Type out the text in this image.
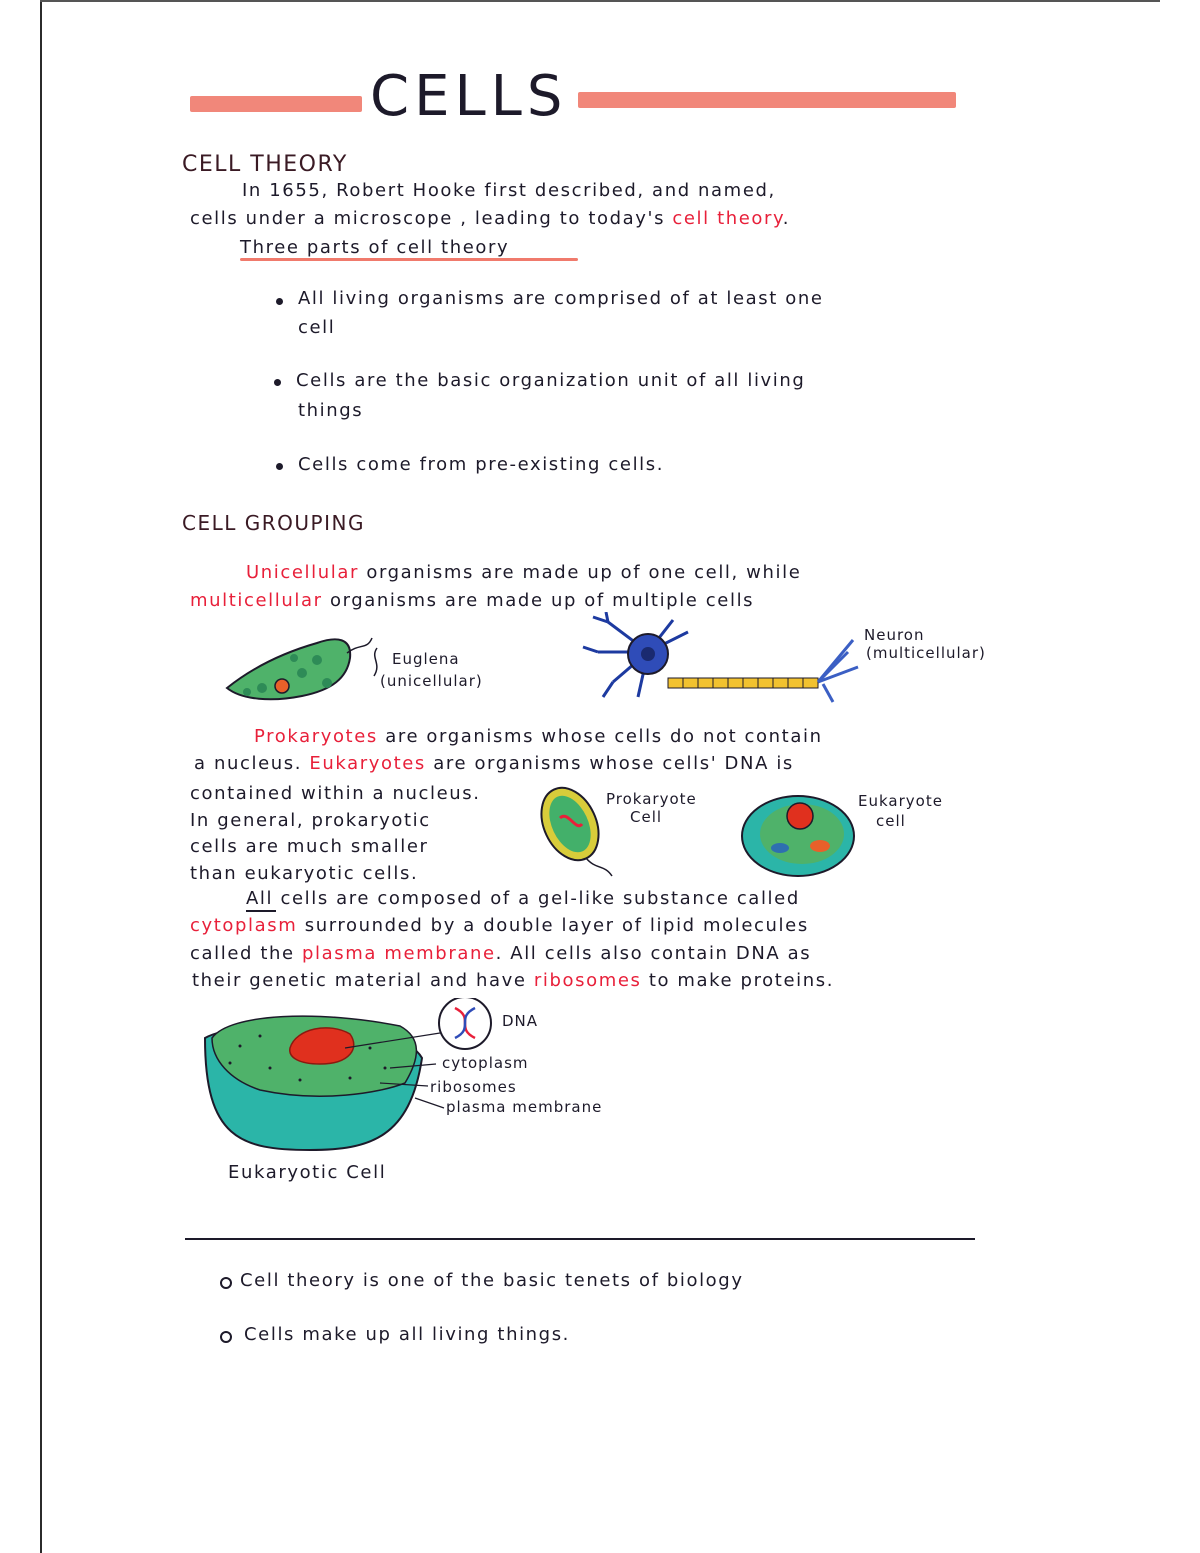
CELLS
CELL THEORY
In 1655, Robert Hooke first described, and named,
cells under a microscope , leading to today's cell theory.
Three parts of cell theory
All living organisms are comprised of at least one
cell
Cells are the basic organization unit of all living
things
Cells come from pre-existing cells.
CELL GROUPING
Unicellular organisms are made up of one cell, while
multicellular organisms are made up of multiple cells
Euglena
(unicellular)
Neuron
(multicellular)
Prokaryotes are organisms whose cells do not contain
a nucleus. Eukaryotes are organisms whose cells' DNA is
contained within a nucleus.
In general, prokaryotic
cells are much smaller
than eukaryotic cells.
Prokaryote
Cell
Eukaryote
cell
All cells are composed of a gel-like substance called
cytoplasm surrounded by a double layer of lipid molecules
called the plasma membrane. All cells also contain DNA as
their genetic material and have ribosomes to make proteins.
DNA
cytoplasm
ribosomes
plasma membrane
Eukaryotic Cell
Cell theory is one of the basic tenets of biology
Cells make up all living things.
